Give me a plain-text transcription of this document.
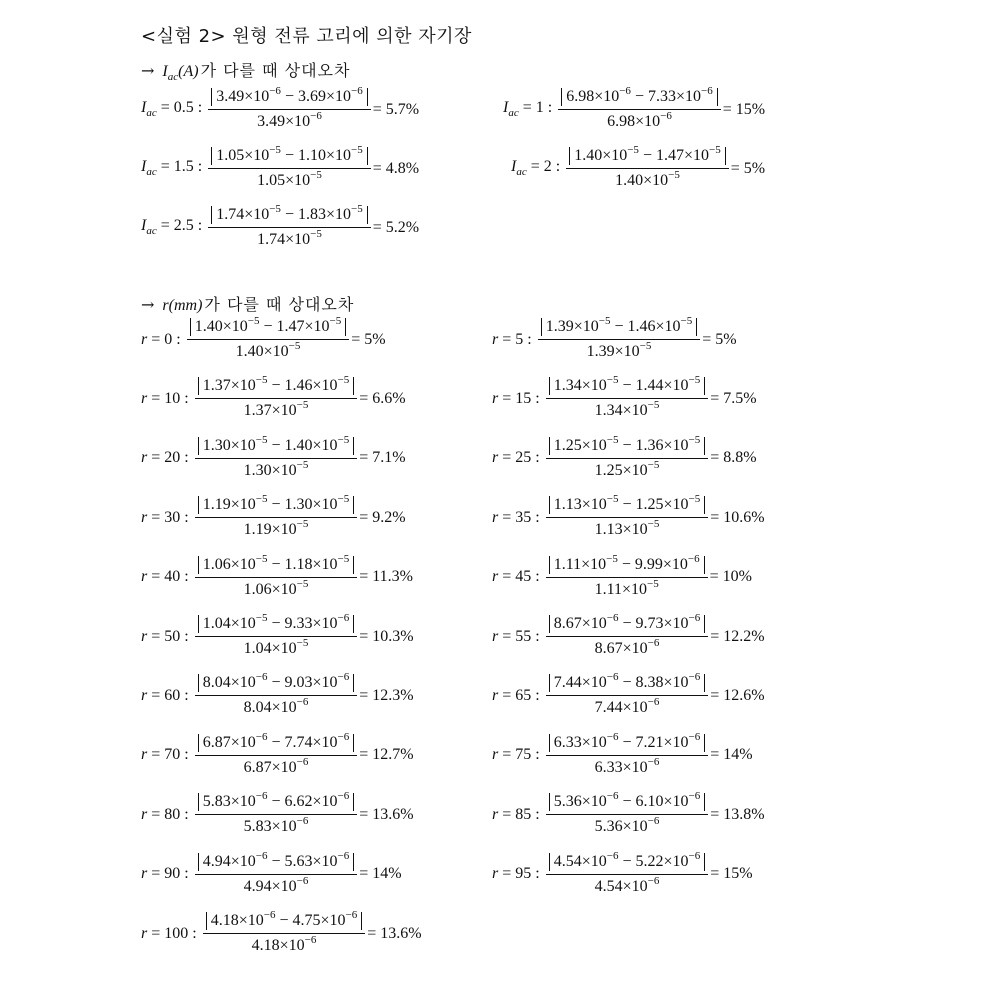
<실험 2> 원형 전류 고리에 의한 자기장
→ $I_{ac}(A)$ 가 다를 때 상대오차
→ r(mm) 가 다를 때 상대오차
$I_{ac} = 0.5$ : $\frac{3.49\times 10^{-6} - 3.69\times 10^{-6}}{3.49\times 10^{-6}} = 5.7\%$	$I_{ac} = 1$ : $\frac{6.98\times 10^{-6} - 7.33\times 10^{-6}}{6.98\times 10^{-6}} = 15\%$
$I_{ac} = 1.5$ : $\frac{1.05\times 10^{-5} - 1.10\times 10^{-5}}{1.05\times 10^{-5}} = 4.8\%$	$I_{ac} = 2$ : $\frac{1.40\times 10^{-5} - 1.47\times 10^{-5}}{1.40\times 10^{-5}} = 5\%$
$I_{ac} = 2.5$ : $\frac{1.74\times 10^{-5} - 1.83\times 10^{-5}}{1.74\times 10^{-5}} = 5.2\%$
r = 0 : $\frac{1.40\times 10^{-5} - 1.47\times 10^{-5}}{1.40\times 10^{-5}} = 5\%$	r = 5 : $\frac{1.39\times 10^{-5} - 1.46\times 10^{-5}}{1.39\times 10^{-5}} = 5\%$
r = 10 : $\frac{1.37\times 10^{-5} - 1.46\times 10^{-5}}{1.37\times 10^{-5}} = 6.6\%$	r = 15 : $\frac{1.34\times 10^{-5} - 1.44\times 10^{-5}}{1.34\times 10^{-5}} = 7.5\%$
r = 20 : $\frac{1.30\times 10^{-5} - 1.40\times 10^{-5}}{1.30\times 10^{-5}} = 7.1\%$	r = 25 : $\frac{1.25\times 10^{-5} - 1.36\times 10^{-5}}{1.25\times 10^{-5}} = 8.8\%$
r = 30 : $\frac{1.19\times 10^{-5} - 1.30\times 10^{-5}}{1.19\times 10^{-5}} = 9.2\%$	r = 35 : $\frac{1.13\times 10^{-5} - 1.25\times 10^{-5}}{1.13\times 10^{-5}} = 10.6\%$
r = 40 : $\frac{1.06\times 10^{-5} - 1.18\times 10^{-5}}{1.06\times 10^{-5}} = 11.3\%$	r = 45 : $\frac{1.11\times 10^{-5} - 9.99\times 10^{-6}}{1.11\times 10^{-5}} = 10\%$
r = 50 : $\frac{1.04\times 10^{-5} - 9.33\times 10^{-6}}{1.04\times 10^{-5}} = 10.3\%$	r = 55 : $\frac{8.67\times 10^{-6} - 9.73\times 10^{-6}}{8.67\times 10^{-6}} = 12.2\%$
r = 60 : $\frac{8.04\times 10^{-6} - 9.03\times 10^{-6}}{8.04\times 10^{-6}} = 12.3\%$	r = 65 : $\frac{7.44\times 10^{-6} - 8.38\times 10^{-6}}{7.44\times 10^{-6}} = 12.6\%$
r = 70 : $\frac{6.87\times 10^{-6} - 7.74\times 10^{-6}}{6.87\times 10^{-6}} = 12.7\%$	r = 75 : $\frac{6.33\times 10^{-6} - 7.21\times 10^{-6}}{6.33\times 10^{-6}} = 14\%$
r = 80 : $\frac{5.83\times 10^{-6} - 6.62\times 10^{-6}}{5.83\times 10^{-6}} = 13.6\%$	r = 85 : $\frac{5.36\times 10^{-6} - 6.10\times 10^{-6}}{5.36\times 10^{-6}} = 13.8\%$
r = 90 : $\frac{4.94\times 10^{-6} - 5.63\times 10^{-6}}{4.94\times 10^{-6}} = 14\%$	r = 95 : $\frac{4.54\times 10^{-6} - 5.22\times 10^{-6}}{4.54\times 10^{-6}} = 15\%$
r = 100 : $\frac{4.18\times 10^{-6} - 4.75\times 10^{-6}}{4.18\times 10^{-6}} = 13.6\%$
